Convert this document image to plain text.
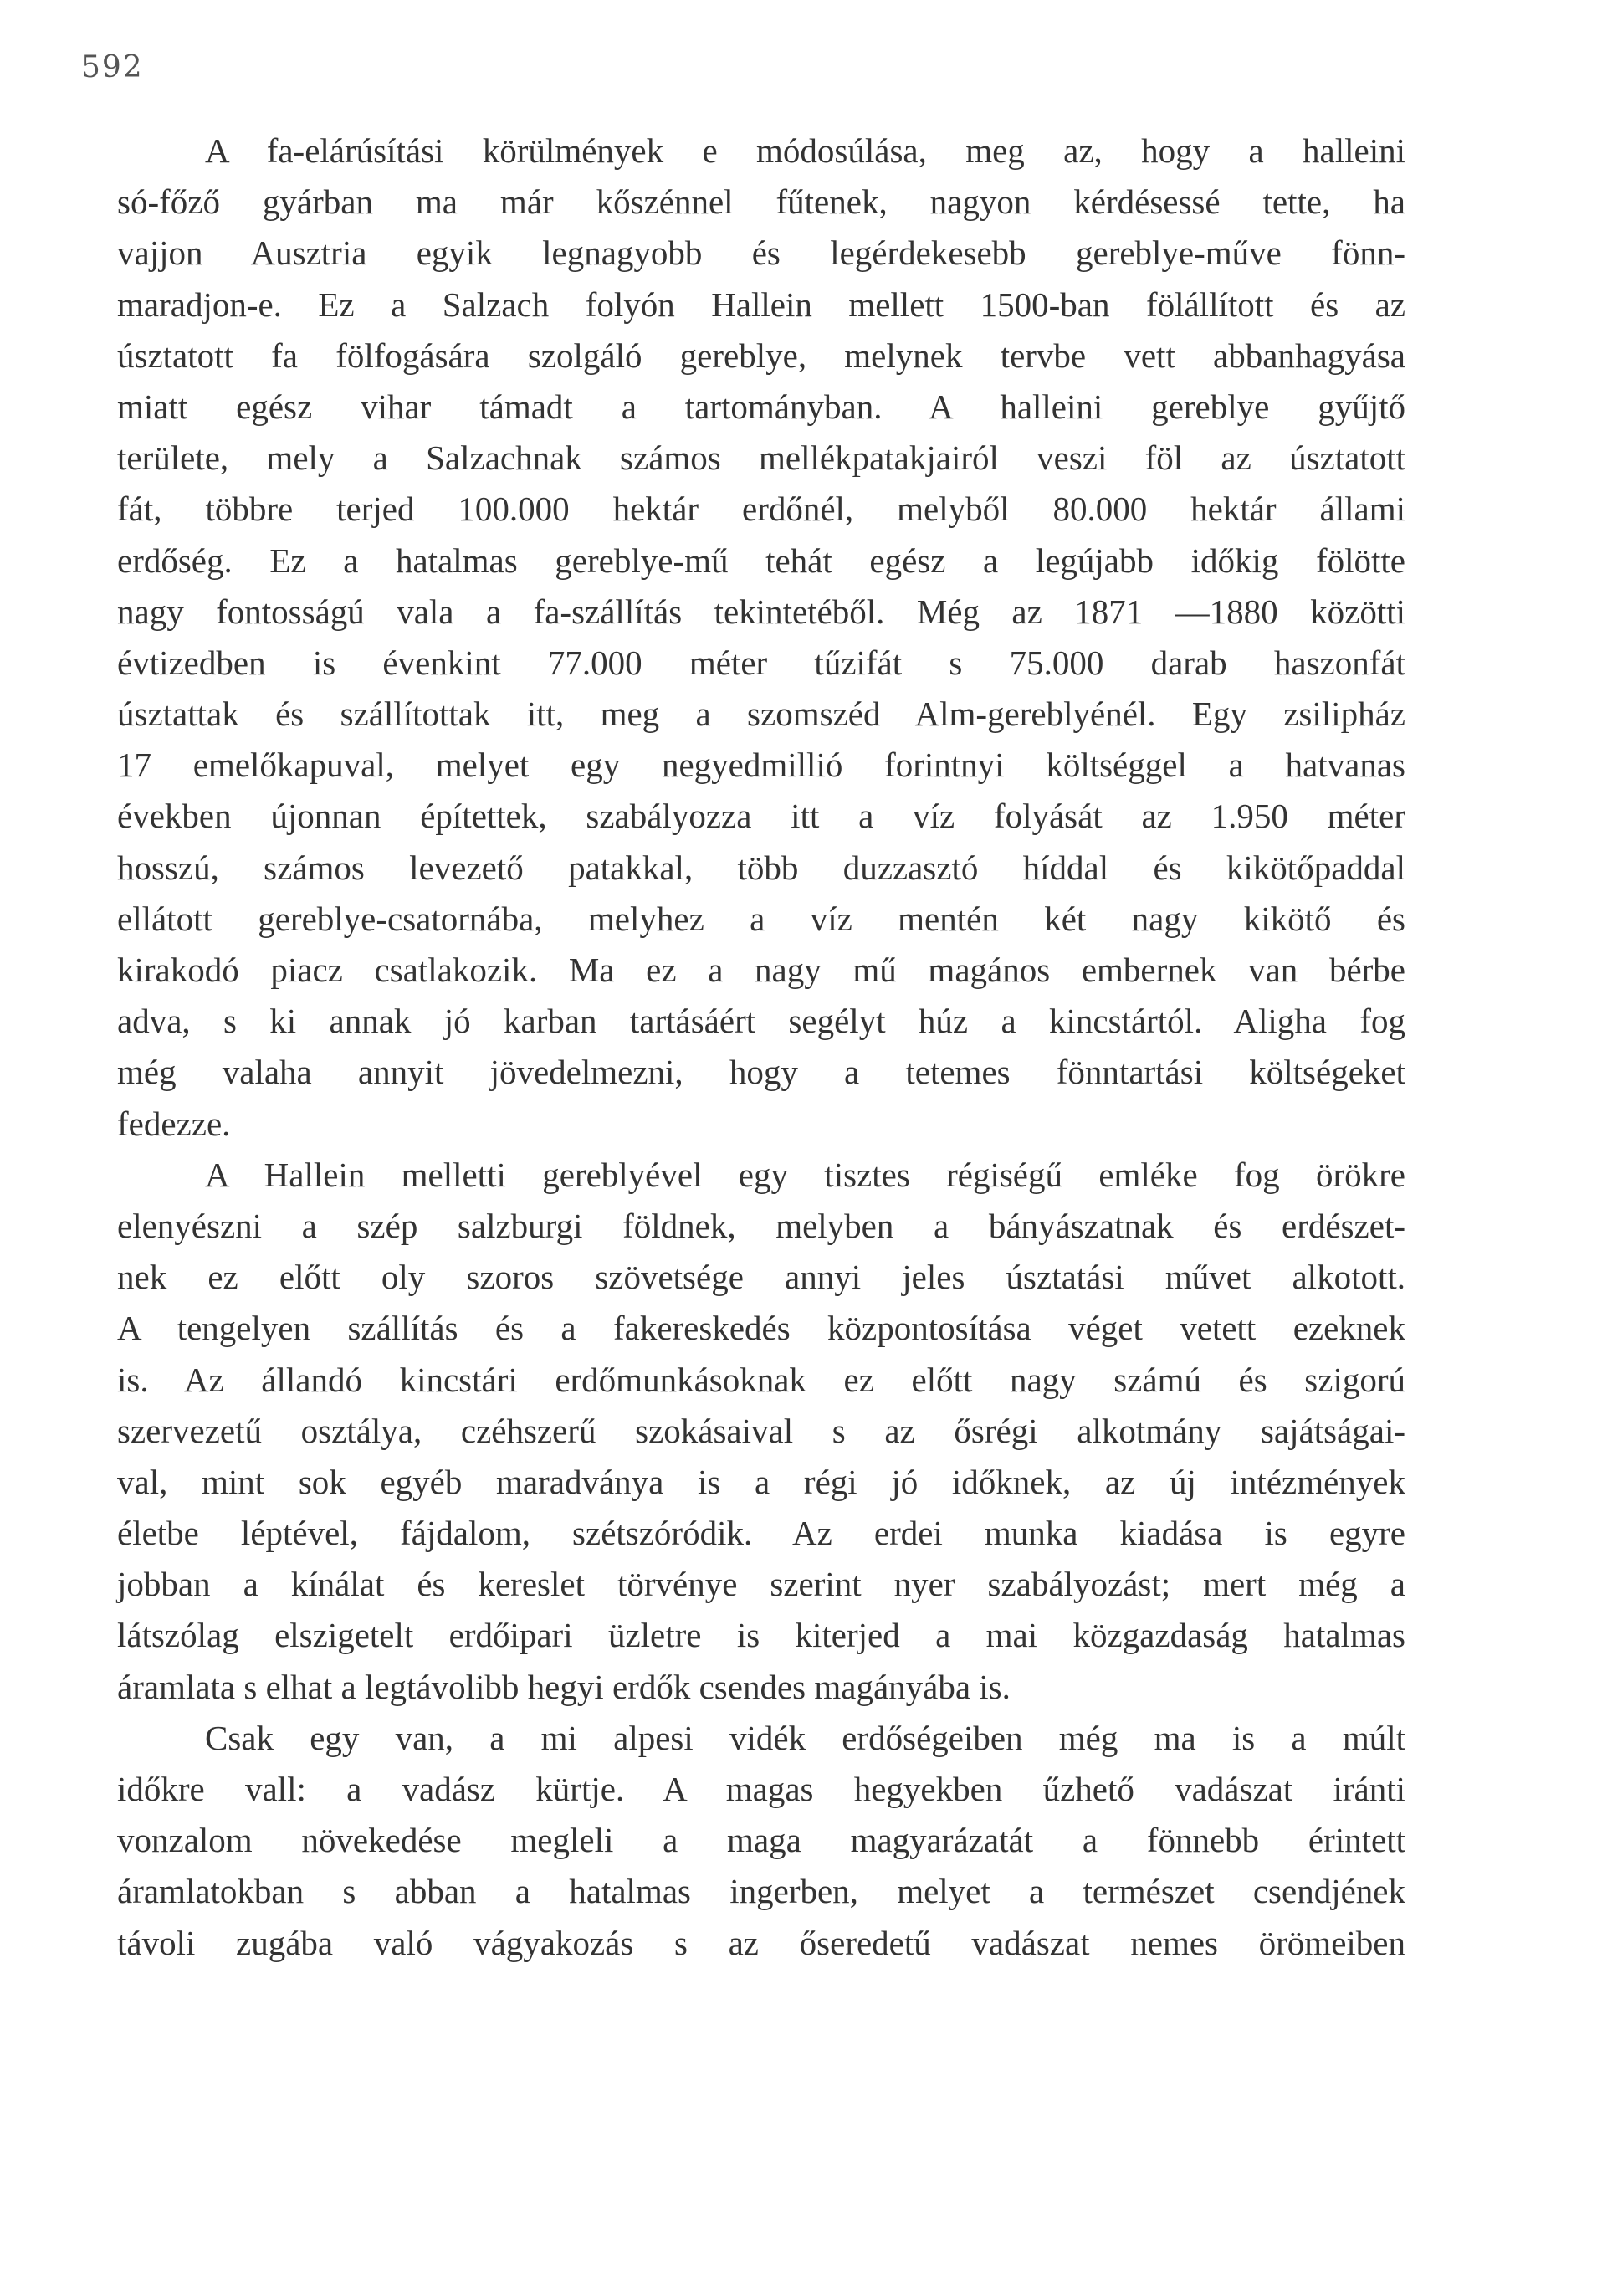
592
A fa-elárúsítási körülmények e módosúlása, meg az, hogy a halleini
só-főző gyárban ma már kőszénnel fűtenek, nagyon kérdésessé tette, ha
vajjon Ausztria egyik legnagyobb és legérdekesebb gereblye-műve fönn-
maradjon-e. Ez a Salzach folyón Hallein mellett 1500-ban fölállított és az
úsztatott fa fölfogására szolgáló gereblye, melynek tervbe vett abbanhagyása
miatt egész vihar támadt a tartományban. A halleini gereblye gyűjtő
területe, mely a Salzachnak számos mellékpatakjairól veszi föl az úsztatott
fát, többre terjed 100.000 hektár erdőnél, melyből 80.000 hektár állami
erdőség. Ez a hatalmas gereblye-mű tehát egész a legújabb időkig fölötte
nagy fontosságú vala a fa-szállítás tekintetéből. Még az 1871 —1880 közötti
évtizedben is évenkint 77.000 méter tűzifát s 75.000 darab haszonfát
úsztattak és szállítottak itt, meg a szomszéd Alm-gereblyénél. Egy zsilipház
17 emelőkapuval, melyet egy negyedmillió forintnyi költséggel a hatvanas
években újonnan építettek, szabályozza itt a víz folyását az 1.950 méter
hosszú, számos levezető patakkal, több duzzasztó híddal és kikötőpaddal
ellátott gereblye-csatornába, melyhez a víz mentén két nagy kikötő és
kirakodó piacz csatlakozik. Ma ez a nagy mű magános embernek van bérbe
adva, s ki annak jó karban tartásáért segélyt húz a kincstártól. Aligha fog
még valaha annyit jövedelmezni, hogy a tetemes fönntartási költségeket
fedezze.
A Hallein melletti gereblyével egy tisztes régiségű emléke fog örökre
elenyészni a szép salzburgi földnek, melyben a bányászatnak és erdészet-
nek ez előtt oly szoros szövetsége annyi jeles úsztatási művet alkotott.
A tengelyen szállítás és a fakereskedés központosítása véget vetett ezeknek
is. Az állandó kincstári erdőmunkásoknak ez előtt nagy számú és szigorú
szervezetű osztálya, czéhszerű szokásaival s az ősrégi alkotmány sajátságai-
val, mint sok egyéb maradványa is a régi jó időknek, az új intézmények
életbe léptével, fájdalom, szétszóródik. Az erdei munka kiadása is egyre
jobban a kínálat és kereslet törvénye szerint nyer szabályozást; mert még a
látszólag elszigetelt erdőipari üzletre is kiterjed a mai közgazdaság hatalmas
áramlata s elhat a legtávolibb hegyi erdők csendes magányába is.
Csak egy van, a mi alpesi vidék erdőségeiben még ma is a múlt
időkre vall: a vadász kürtje. A magas hegyekben űzhető vadászat iránti
vonzalom növekedése megleli a maga magyarázatát a fönnebb érintett
áramlatokban s abban a hatalmas ingerben, melyet a természet csendjének
távoli zugába való vágyakozás s az őseredetű vadászat nemes örömeiben
